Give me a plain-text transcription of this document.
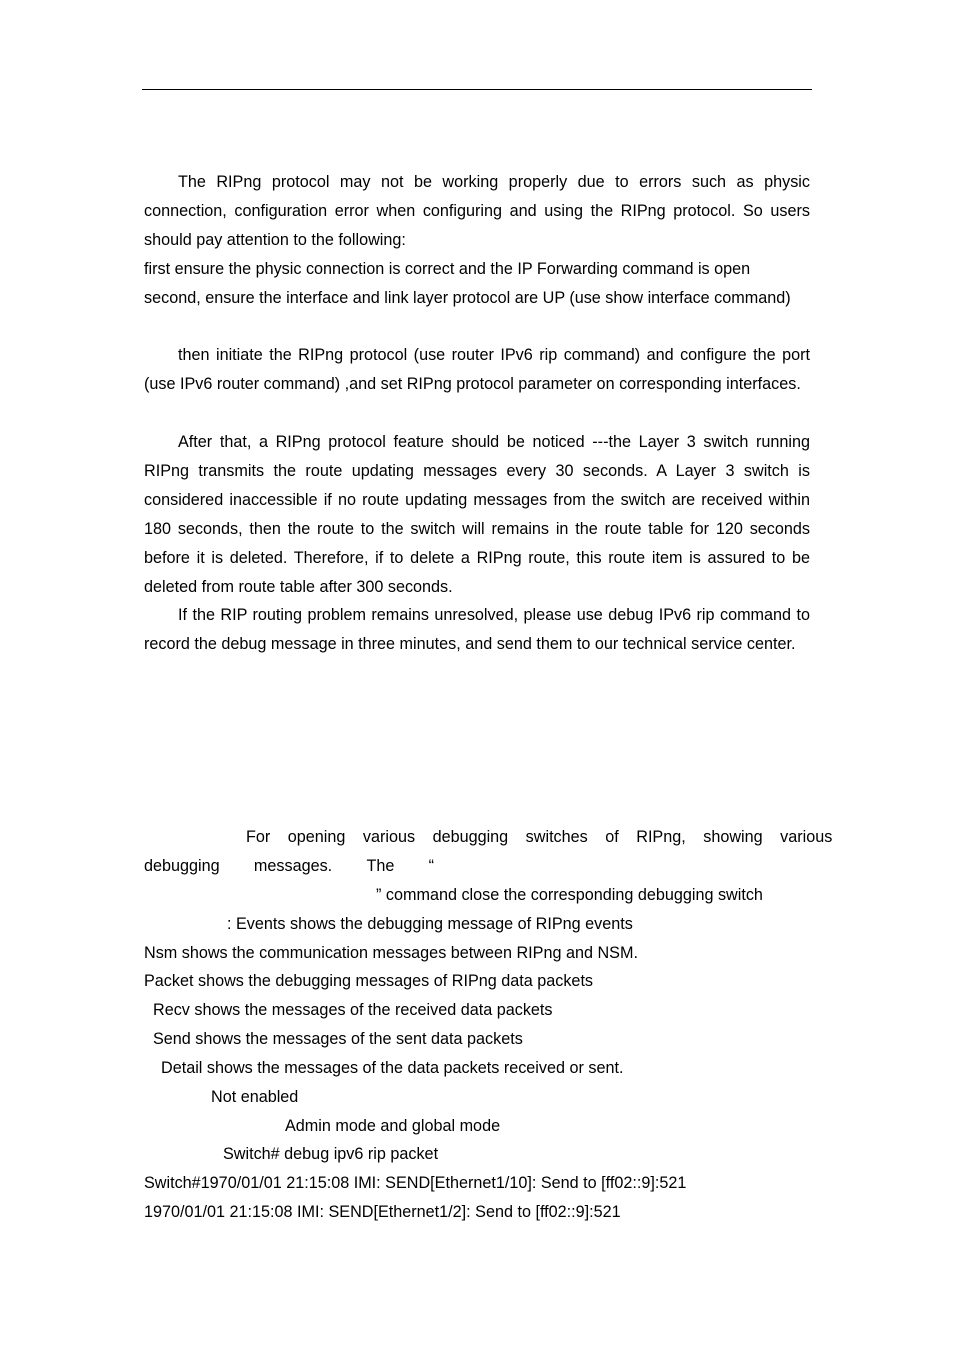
The RIPng protocol may not be working properly due to errors such as physic connection, configuration error when configuring and using the RIPng protocol. So users should pay attention to the following:

first ensure the physic connection is correct and the IP Forwarding command is open

second, ensure the interface and link layer protocol are UP (use show interface command)

then initiate the RIPng protocol (use router IPv6 rip command) and configure the port (use IPv6 router command) ,and set RIPng protocol parameter on corresponding interfaces.

After that, a RIPng protocol feature should be noticed ---the Layer 3 switch running RIPng transmits the route updating messages every 30 seconds. A Layer 3 switch is considered inaccessible if no route updating messages from the switch are received within 180 seconds, then the route to the switch will remains in the route table for 120 seconds before it is deleted. Therefore, if to delete a RIPng route, this route item is assured to be deleted from route table after 300 seconds.

If the RIP routing problem remains unresolved, please use debug IPv6 rip command to record the debug message in three minutes, and send them to our technical service center.

For opening various debugging switches of RIPng, showing various
debugging messages. The “

” command close the corresponding debugging switch

: Events shows the debugging message of RIPng events

Nsm shows the communication messages between RIPng and NSM.

Packet shows the debugging messages of RIPng data packets

Recv shows the messages of the received data packets

Send shows the messages of the sent data packets

Detail shows the messages of the data packets received or sent.

Not enabled

Admin mode and global mode

Switch# debug ipv6 rip packet

Switch#1970/01/01 21:15:08 IMI: SEND[Ethernet1/10]: Send to [ff02::9]:521

1970/01/01 21:15:08 IMI: SEND[Ethernet1/2]: Send to [ff02::9]:521
